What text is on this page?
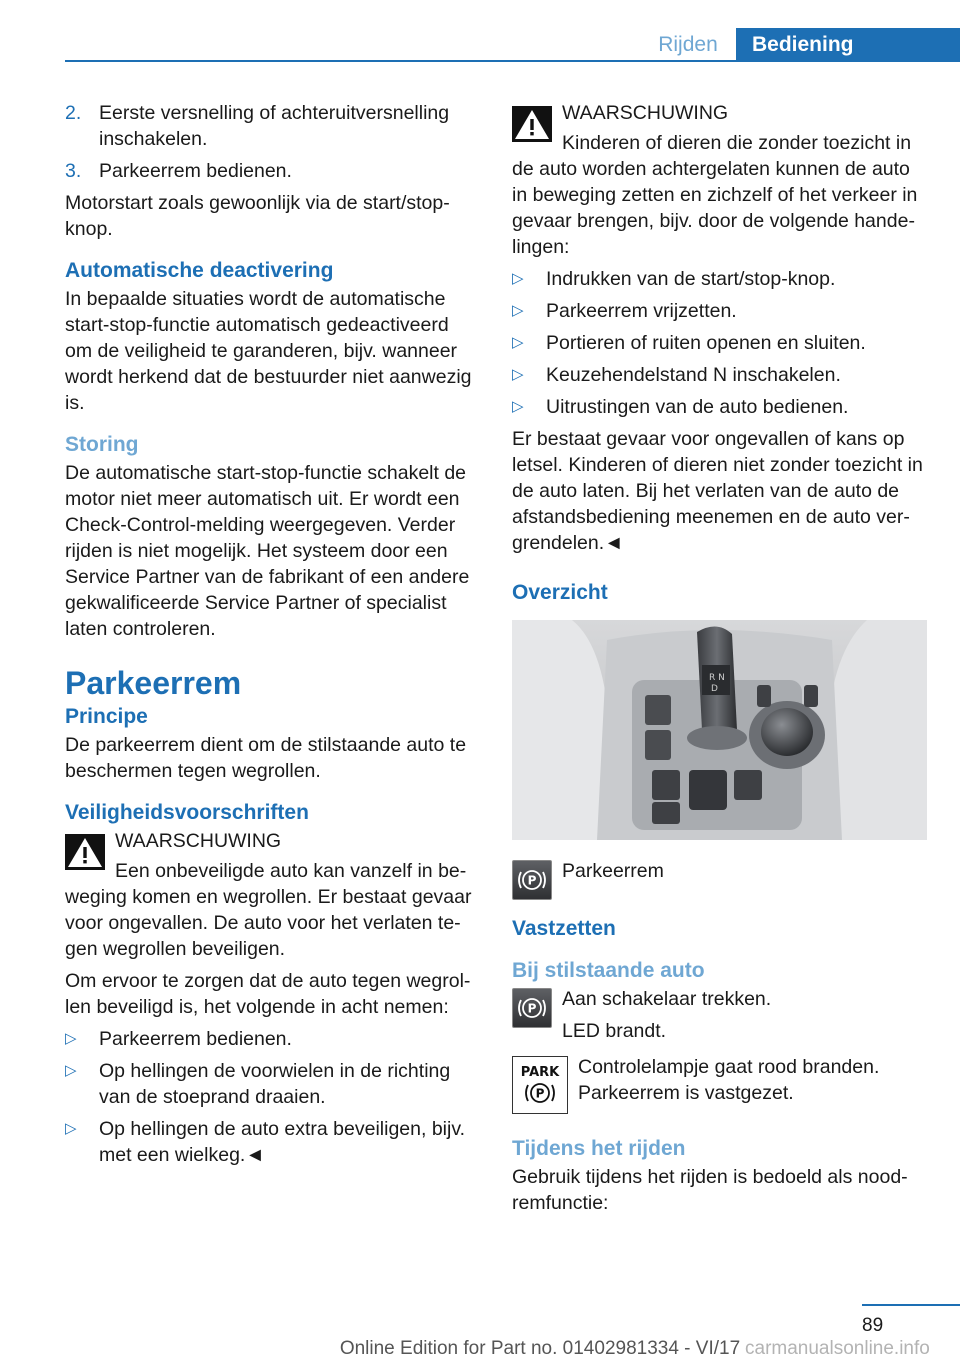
Rijden	Bediening
2. Eerste versnelling of achteruitversnelling inschakelen.
3. Parkeerrem bedienen.

Motorstart zoals gewoonlijk via de start/stop-knop.

Automatische deactivering

In bepaalde situaties wordt de automatische start-stop-functie automatisch gedeactiveerd om de veiligheid te garanderen, bijv. wanneer wordt herkend dat de bestuurder niet aanwezig is.

Storing

De automatische start-stop-functie schakelt de motor niet meer automatisch uit. Er wordt een Check-Control-melding weergegeven. Verder rijden is niet mogelijk. Het systeem door een Service Partner van de fabrikant of een andere gekwalificeerde Service Partner of specialist laten controleren.

Parkeerrem
Principe

De parkeerrem dient om de stilstaande auto te beschermen tegen wegrollen.

Veiligheidsvoorschriften
WAARSCHUWING

Een onbeveiligde auto kan vanzelf in beweging komen en wegrollen. Er bestaat gevaar voor ongevallen. De auto voor het verlaten tegen wegrollen beveiligen.

Om ervoor te zorgen dat de auto tegen wegrollen beveiligd is, het volgende in acht nemen:

▷ Parkeerrem bedienen.
▷ Op hellingen de voorwielen in de richting van de stoeprand draaien.
▷ Op hellingen de auto extra beveiligen, bijv. met een wielkeg.◄
WAARSCHUWING

Kinderen of dieren die zonder toezicht in de auto worden achtergelaten kunnen de auto in beweging zetten en zichzelf of het verkeer in gevaar brengen, bijv. door de volgende handelingen:

▷ Indrukken van de start/stop-knop.
▷ Parkeerrem vrijzetten.
▷ Portieren of ruiten openen en sluiten.
▷ Keuzehendelstand N inschakelen.
▷ Uitrustingen van de auto bedienen.

Er bestaat gevaar voor ongevallen of kans op letsel. Kinderen of dieren niet zonder toezicht in de auto laten. Bij het verlaten van de auto de afstandsbediening meenemen en de auto vergrendelen.◄

Overzicht
R N
D
P Parkeerrem
Vastzetten
Bij stilstaande auto
P Aan schakelaar trekken.
LED brandt.
PARK
P
Controlelampje gaat rood branden. Parkeerrem is vastgezet.
Tijdens het rijden

Gebruik tijdens het rijden is bedoeld als noodremfunctie:

89
Online Edition for Part no. 01402981334 - VI/17 carmanualsonline.info
